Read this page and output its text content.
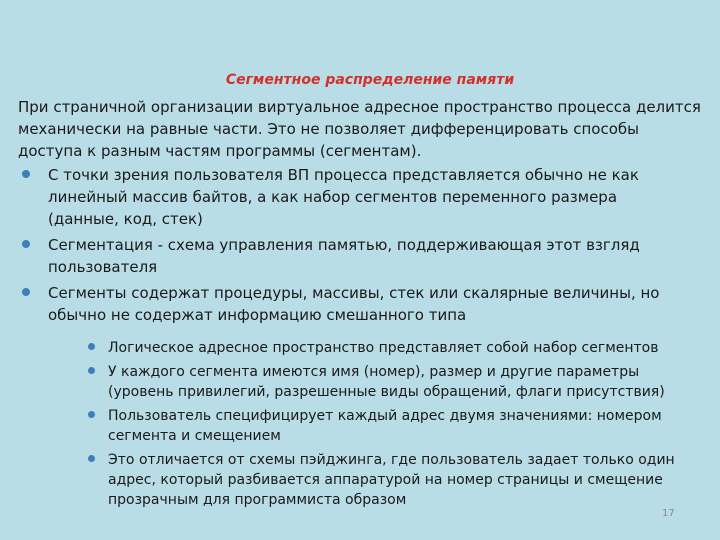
Сегментное распределение памяти
При страничной организации виртуальное адресное пространство процесса делится механически на равные части. Это не позволяет дифференцировать способы доступа к разным частям программы (сегментам).
С точки зрения пользователя ВП процесса представляется обычно не как линейный массив байтов, а как набор сегментов переменного размера (данные, код, стек)
Сегментация - схема управления памятью, поддерживающая этот взгляд пользователя
Сегменты содержат процедуры, массивы, стек или скалярные величины, но обычно не содержат информацию смешанного типа
Логическое адресное пространство представляет собой набор сегментов
У каждого сегмента имеются имя (номер), размер и другие параметры (уровень привилегий, разрешенные виды обращений, флаги присутствия)
Пользователь специфицирует каждый адрес двумя значениями: номером сегмента и смещением
Это отличается от схемы пэйджинга, где пользователь задает только один адрес, который разбивается аппаратурой на номер страницы и смещение прозрачным для программиста образом
17
